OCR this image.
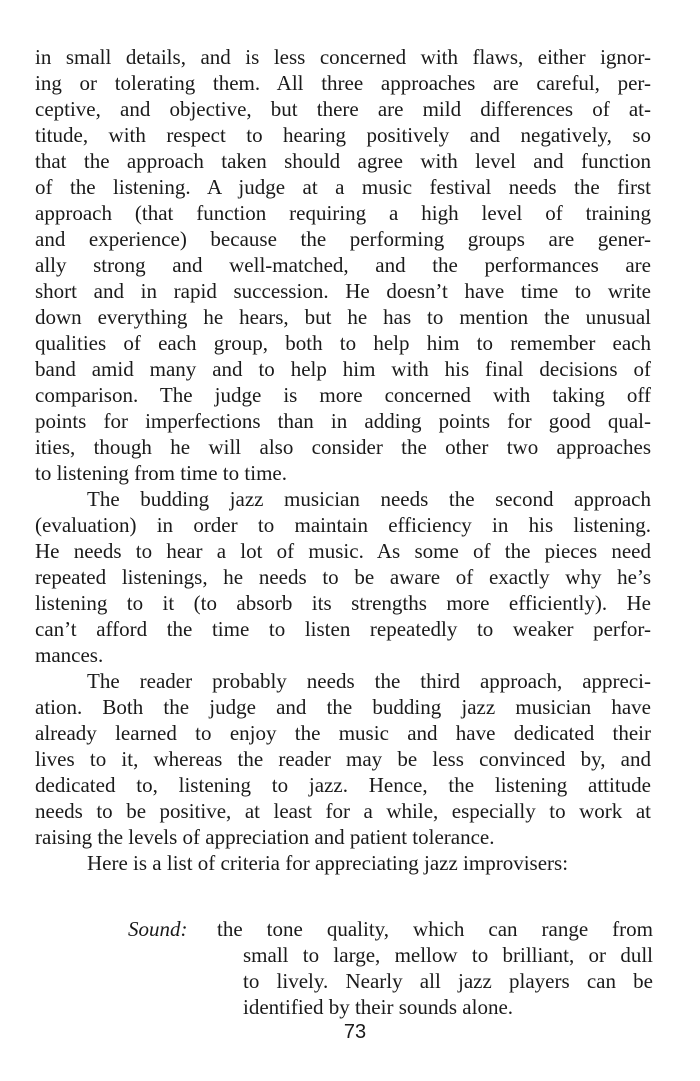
in small details, and is less concerned with flaws, either ignor-
ing or tolerating them. All three approaches are careful, per-
ceptive, and objective, but there are mild differences of at-
titude, with respect to hearing positively and negatively, so
that the approach taken should agree with level and function
of the listening. A judge at a music festival needs the first
approach (that function requiring a high level of training
and experience) because the performing groups are gener-
ally strong and well-matched, and the performances are
short and in rapid succession. He doesn’t have time to write
down everything he hears, but he has to mention the unusual
qualities of each group, both to help him to remember each
band amid many and to help him with his final decisions of
comparison. The judge is more concerned with taking off
points for imperfections than in adding points for good qual-
ities, though he will also consider the other two approaches
to listening from time to time.
The budding jazz musician needs the second approach
(evaluation) in order to maintain efficiency in his listening.
He needs to hear a lot of music. As some of the pieces need
repeated listenings, he needs to be aware of exactly why he’s
listening to it (to absorb its strengths more efficiently). He
can’t afford the time to listen repeatedly to weaker perfor-
mances.
The reader probably needs the third approach, appreci-
ation. Both the judge and the budding jazz musician have
already learned to enjoy the music and have dedicated their
lives to it, whereas the reader may be less convinced by, and
dedicated to, listening to jazz. Hence, the listening attitude
needs to be positive, at least for a while, especially to work at
raising the levels of appreciation and patient tolerance.
Here is a list of criteria for appreciating jazz improvisers:
Sound: the tone quality, which can range from
small to large, mellow to brilliant, or dull
to lively. Nearly all jazz players can be
identified by their sounds alone.
73
